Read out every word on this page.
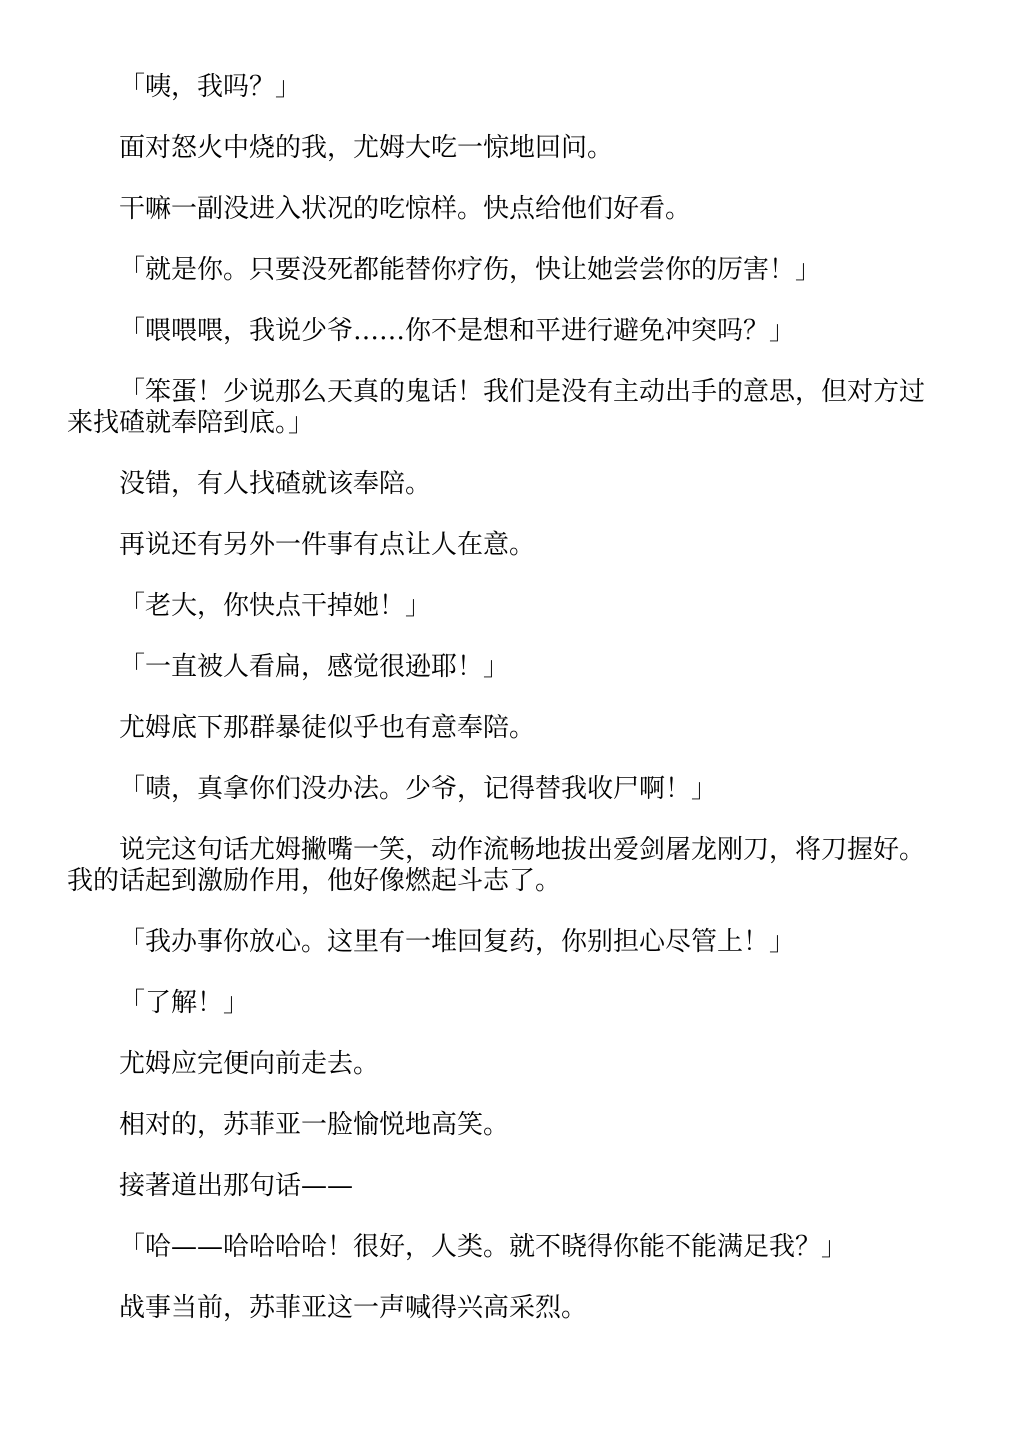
「咦，我吗？」

面对怒火中烧的我，尤姆大吃一惊地回问。

干嘛一副没进入状况的吃惊样。快点给他们好看。

「就是你。只要没死都能替你疗伤，快让她尝尝你的厉害！」

「喂喂喂，我说少爷……你不是想和平进行避免冲突吗？」

「笨蛋！少说那么天真的鬼话！我们是没有主动出手的意思，但对方过来找碴就奉陪到底。」

没错，有人找碴就该奉陪。

再说还有另外一件事有点让人在意。

「老大，你快点干掉她！」

「一直被人看扁，感觉很逊耶！」

尤姆底下那群暴徒似乎也有意奉陪。

「啧，真拿你们没办法。少爷，记得替我收尸啊！」

说完这句话尤姆撇嘴一笑，动作流畅地拔出爱剑屠龙刚刀，将刀握好。我的话起到激励作用，他好像燃起斗志了。

「我办事你放心。这里有一堆回复药，你别担心尽管上！」

「了解！」

尤姆应完便向前走去。

相对的，苏菲亚一脸愉悦地高笑。

接著道出那句话——

「哈——哈哈哈哈！很好，人类。就不晓得你能不能满足我？」

战事当前，苏菲亚这一声喊得兴高采烈。
